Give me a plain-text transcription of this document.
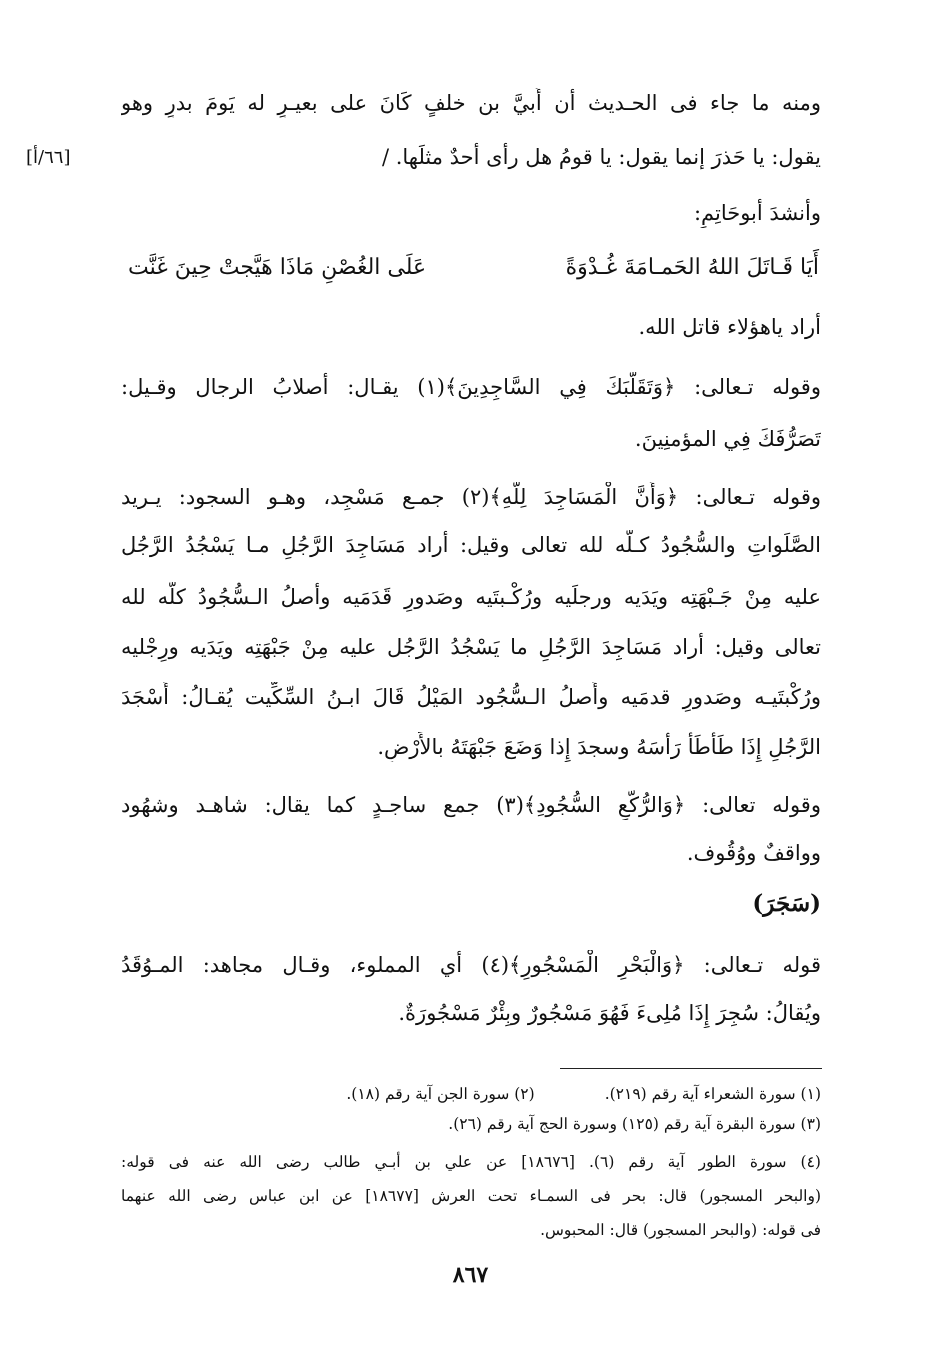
ومنه ما جاء فى الحـديث أن أُبيَّ بن خلفٍ كَانَ على بعيـرٍ له يَومَ بدرٍ وهو
يقول: يا حَذرَ إنما يقول: يا قومُ هل رأى أحدٌ مثلَها. /
[٦٦/أ]
وأنشدَ أبوحَاتِمٍ:
أَيَا قَـاتَلَ اللهُ الحَمـامَةَ غُـدْوَةً
عَلَى الغُصْنِ مَاذَا هَيَّجتْ حِينَ غَنَّت
أراد ياهؤلاء قاتل الله.
وقوله تـعالى: ﴿وَتَقَلُّبَكَ فِي السَّاجِدِينَ﴾(١) يقـال: أصلابُ الرجال وقـيل:
تَصَرُّفَكَ فِي المؤمنِينَ.
وقوله تـعالى: ﴿وَأَنَّ الْمَسَاجِدَ لِلَّهِ﴾(٢) جمـع مَسْجِد، وهـو السجود: يـريد
الصَّلَواتِ والسُّجُودُ كـلُّه لله تعالى وقيل: أراد مَسَاجِدَ الرَّجُلِ مـا يَسْجُدُ الرَّجُل
عليه مِنْ جَـبْهَتِه ويَدَيه ورجلَيه ورُكْـبتَيه وصَدورِ قَدَمَيه وأصلُ الـسُّجُودُ كلُّه لله
تعالى وقيل: أراد مَسَاجِدَ الرَّجُلِ ما يَسْجُدُ الرَّجُل عليه مِنْ جَبْهَتِه ويَدَيه ورِجْليه
ورُكْبتَيـه وصَدورِ قدمَيه وأَصلُ الـسُّجُود المَيْلُ قَالَ ابـنُ السِّكِّيت يُقـالُ: أَسْجَدَ
الرَّجُلِ إِذَا طَأْطَأَ رَأْسَهُ وسجدَ إِذا وَضَعَ جَبْهَتَهُ بالأَرْضِ.
وقوله تعالى: ﴿وَالرُّكَّعِ السُّجُودِ﴾(٣) جمع ساجـدٍ كما يقال: شاهـد وشهُود
وواقفٌ ووُقُوف.
(سَجَرَ)
قوله تـعالى: ﴿وَالْبَحْرِ الْمَسْجُورِ﴾(٤) أي المملوء، وقـال مجاهد: المـوُقَدُ
ويُقالُ: سُجِرَ إِذَا مُلِىءَ فَهُوَ مَسْجُورٌ وبِئْرٌ مَسْجُورَةٌ.
(١) سورة الشعراء آية رقم (٢١٩).(٢) سورة الجن آية رقم (١٨).
(٣) سورة البقرة آية رقم (١٢٥) وسورة الحج آية رقم (٢٦).
(٤) سورة الطور آية رقم (٦). [١٨٦٧٦] عن علي بن أبـي طالب رضى الله عنه فى قوله:
(والبحر المسجور) قال: بحر فى السمـاء تحت العرش [١٨٦٧٧] عن ابن عباس رضى الله عنهما
فى قوله: (والبحر المسجور) قال: المحبوس.
٨٦٧
